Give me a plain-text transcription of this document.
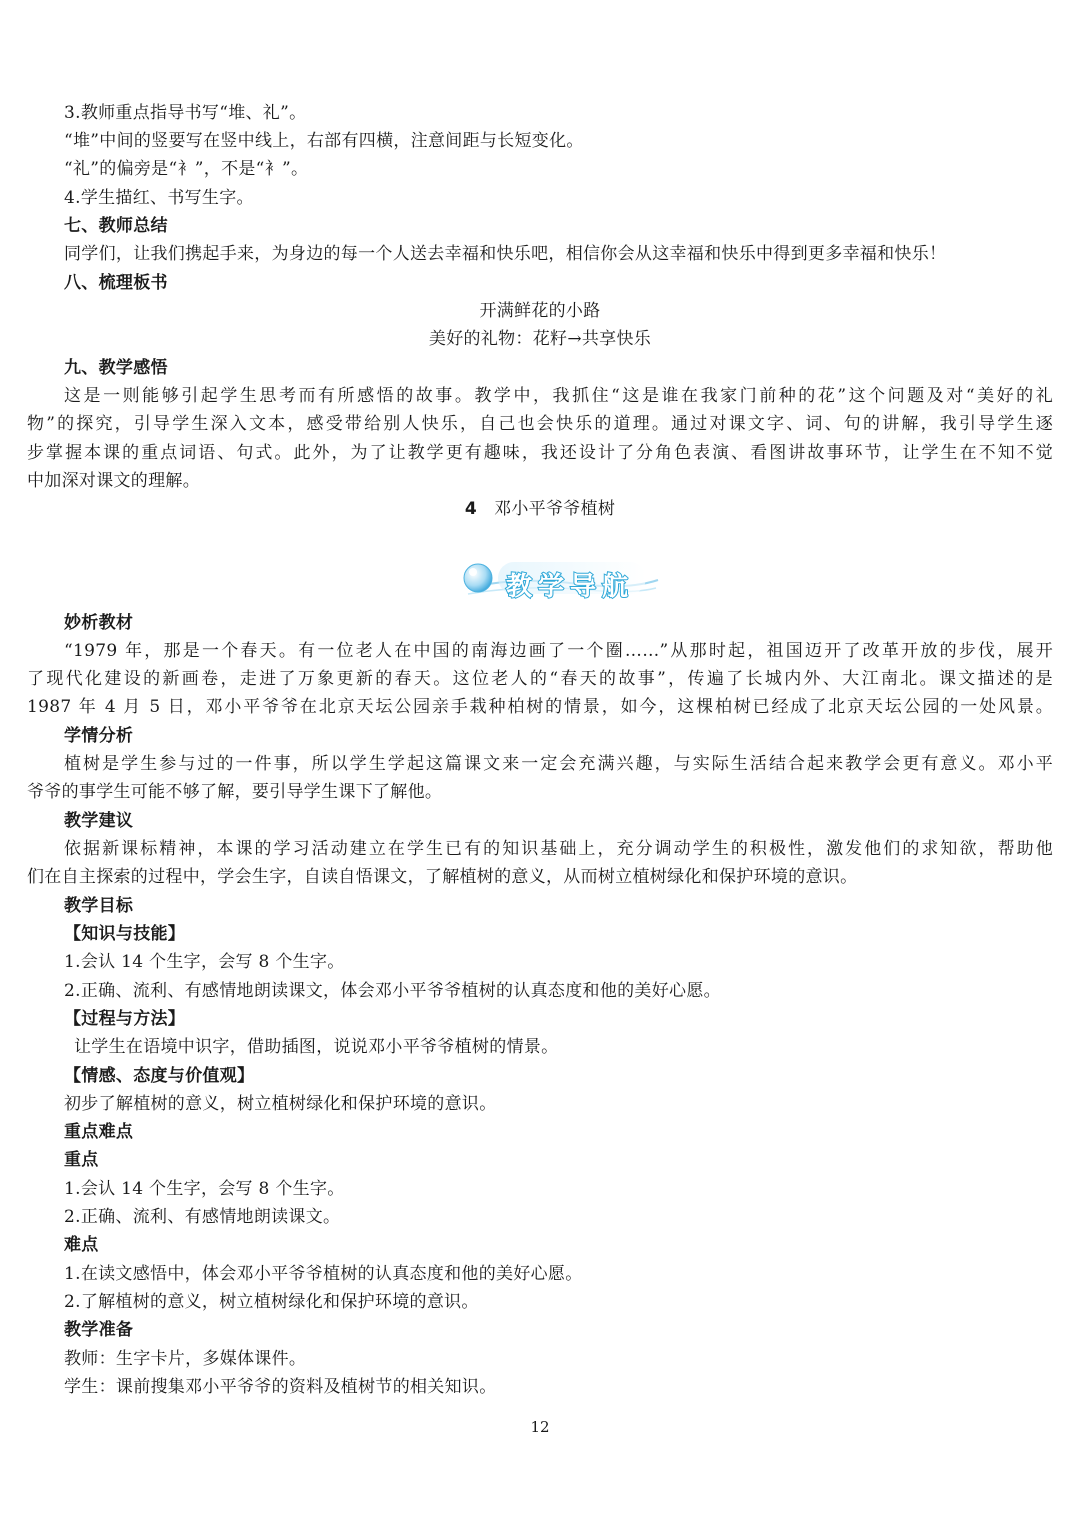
3.教师重点指导书写“堆、礼”。
“堆”中间的竖要写在竖中线上，右部有四横，注意间距与长短变化。
“礼”的偏旁是“衤”，不是“衤”。
4.学生描红、书写生字。
七、教师总结
同学们，让我们携起手来，为身边的每一个人送去幸福和快乐吧，相信你会从这幸福和快乐中得到更多幸福和快乐！
八、梳理板书
开满鲜花的小路
美好的礼物：花籽→共享快乐
九、教学感悟
这是一则能够引起学生思考而有所感悟的故事。教学中，我抓住“这是谁在我家门前种的花”这个问题及对“美好的礼
物”的探究，引导学生深入文本，感受带给别人快乐，自己也会快乐的道理。通过对课文字、词、句的讲解，我引导学生逐
步掌握本课的重点词语、句式。此外，为了让教学更有趣味，我还设计了分角色表演、看图讲故事环节，让学生在不知不觉
中加深对课文的理解。
4 邓小平爷爷植树
教学导航
妙析教材
“1979 年，那是一个春天。有一位老人在中国的南海边画了一个圈……”从那时起，祖国迈开了改革开放的步伐，展开
了现代化建设的新画卷，走进了万象更新的春天。这位老人的“春天的故事”，传遍了长城内外、大江南北。课文描述的是
1987 年 4 月 5 日，邓小平爷爷在北京天坛公园亲手栽种柏树的情景，如今，这棵柏树已经成了北京天坛公园的一处风景。
学情分析
植树是学生参与过的一件事，所以学生学起这篇课文来一定会充满兴趣，与实际生活结合起来教学会更有意义。邓小平
爷爷的事学生可能不够了解，要引导学生课下了解他。
教学建议
依据新课标精神，本课的学习活动建立在学生已有的知识基础上，充分调动学生的积极性，激发他们的求知欲，帮助他
们在自主探索的过程中，学会生字，自读自悟课文，了解植树的意义，从而树立植树绿化和保护环境的意识。
教学目标
【知识与技能】
1.会认 14 个生字，会写 8 个生字。
2.正确、流利、有感情地朗读课文，体会邓小平爷爷植树的认真态度和他的美好心愿。
【过程与方法】
让学生在语境中识字，借助插图，说说邓小平爷爷植树的情景。
【情感、态度与价值观】
初步了解植树的意义，树立植树绿化和保护环境的意识。
重点难点
重点
1.会认 14 个生字，会写 8 个生字。
2.正确、流利、有感情地朗读课文。
难点
1.在读文感悟中，体会邓小平爷爷植树的认真态度和他的美好心愿。
2.了解植树的意义，树立植树绿化和保护环境的意识。
教学准备
教师：生字卡片，多媒体课件。
学生：课前搜集邓小平爷爷的资料及植树节的相关知识。
12
